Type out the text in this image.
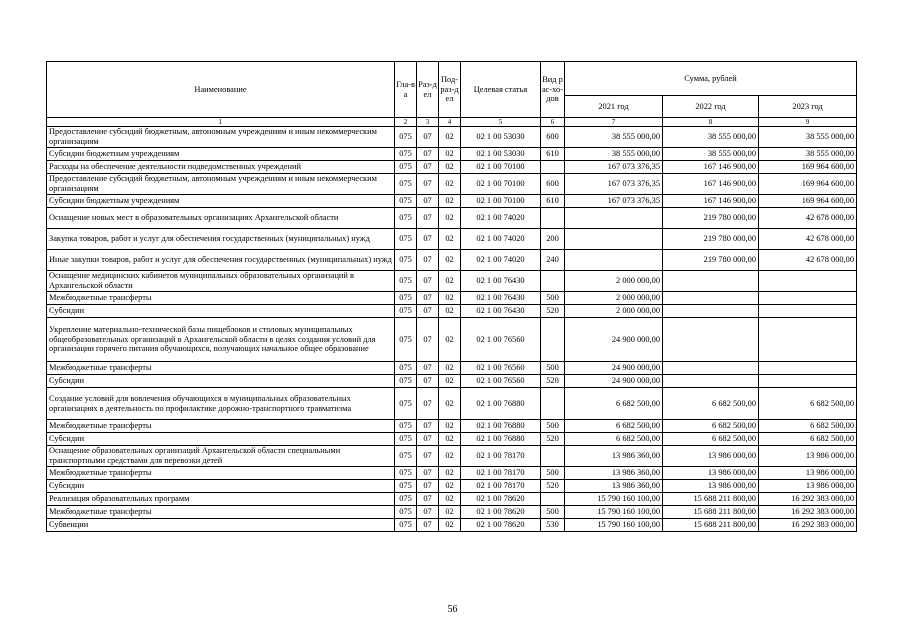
Наименование	Гла-ва	Раз-дел	Под-раз-дел	Целевая статья	Вид рас-хо-дов	Сумма, рублей		
						2021 год	2022 год	2023 год
1	2	3	4	5	6	7	8	9
Предоставление субсидий бюджетным, автономным учреждениям и иным некоммерческим организациям	075	07	02	02 1 00 53030	600	38 555 000,00	38 555 000,00	38 555 000,00
Субсидии бюджетным учреждениям	075	07	02	02 1 00 53030	610	38 555 000,00	38 555 000,00	38 555 000,00
Расходы на обеспечение деятельности подведомственных учреждений	075	07	02	02 1 00 70100		167 073 376,35	167 146 900,00	169 964 600,00
Предоставление субсидий бюджетным, автономным учреждениям и иным некоммерческим организациям	075	07	02	02 1 00 70100	600	167 073 376,35	167 146 900,00	169 964 600,00
Субсидии бюджетным учреждениям	075	07	02	02 1 00 70100	610	167 073 376,35	167 146 900,00	169 964 600,00
Оснащение новых мест в образовательных организациях Архангельской области	075	07	02	02 1 00 74020			219 780 000,00	42 678 000,00
Закупка товаров, работ и услуг для обеспечения государственных (муниципальных) нужд	075	07	02	02 1 00 74020	200		219 780 000,00	42 678 000,00
Иные закупки товаров, работ и услуг для обеспечения государственных (муниципальных) нужд	075	07	02	02 1 00 74020	240		219 780 000,00	42 678 000,00
Оснащение медицинских кабинетов муниципальных образовательных организаций в Архангельской области	075	07	02	02 1 00 76430		2 000 000,00		
Межбюджетные трансферты	075	07	02	02 1 00 76430	500	2 000 000,00		
Субсидии	075	07	02	02 1 00 76430	520	2 000 000,00		
Укрепление материально-технической базы пищеблоков и столовых муниципальных общеобразовательных организаций в Архангельской области в целях создания условий для организации горячего питания обучающихся, получающих начальное общее образование	075	07	02	02 1 00 76560		24 900 000,00		
Межбюджетные трансферты	075	07	02	02 1 00 76560	500	24 900 000,00		
Субсидии	075	07	02	02 1 00 76560	520	24 900 000,00		
Создание условий для вовлечения обучающихся в муниципальных образовательных организациях в деятельность по профилактике дорожно-транспортного травматизма	075	07	02	02 1 00 76880		6 682 500,00	6 682 500,00	6 682 500,00
Межбюджетные трансферты	075	07	02	02 1 00 76880	500	6 682 500,00	6 682 500,00	6 682 500,00
Субсидии	075	07	02	02 1 00 76880	520	6 682 500,00	6 682 500,00	6 682 500,00
Оснащение образовательных организаций Архангельской области специальными транспортными средствами для перевозки детей	075	07	02	02 1 00 78170		13 986 360,00	13 986 000,00	13 986 000,00
Межбюджетные трансферты	075	07	02	02 1 00 78170	500	13 986 360,00	13 986 000,00	13 986 000,00
Субсидии	075	07	02	02 1 00 78170	520	13 986 360,00	13 986 000,00	13 986 000,00
Реализация образовательных программ	075	07	02	02 1 00 78620		15 790 160 100,00	15 688 211 800,00	16 292 383 000,00
Межбюджетные трансферты	075	07	02	02 1 00 78620	500	15 790 160 100,00	15 688 211 800,00	16 292 383 000,00
Субвенции	075	07	02	02 1 00 78620	530	15 790 160 100,00	15 688 211 800,00	16 292 383 000,00
56
